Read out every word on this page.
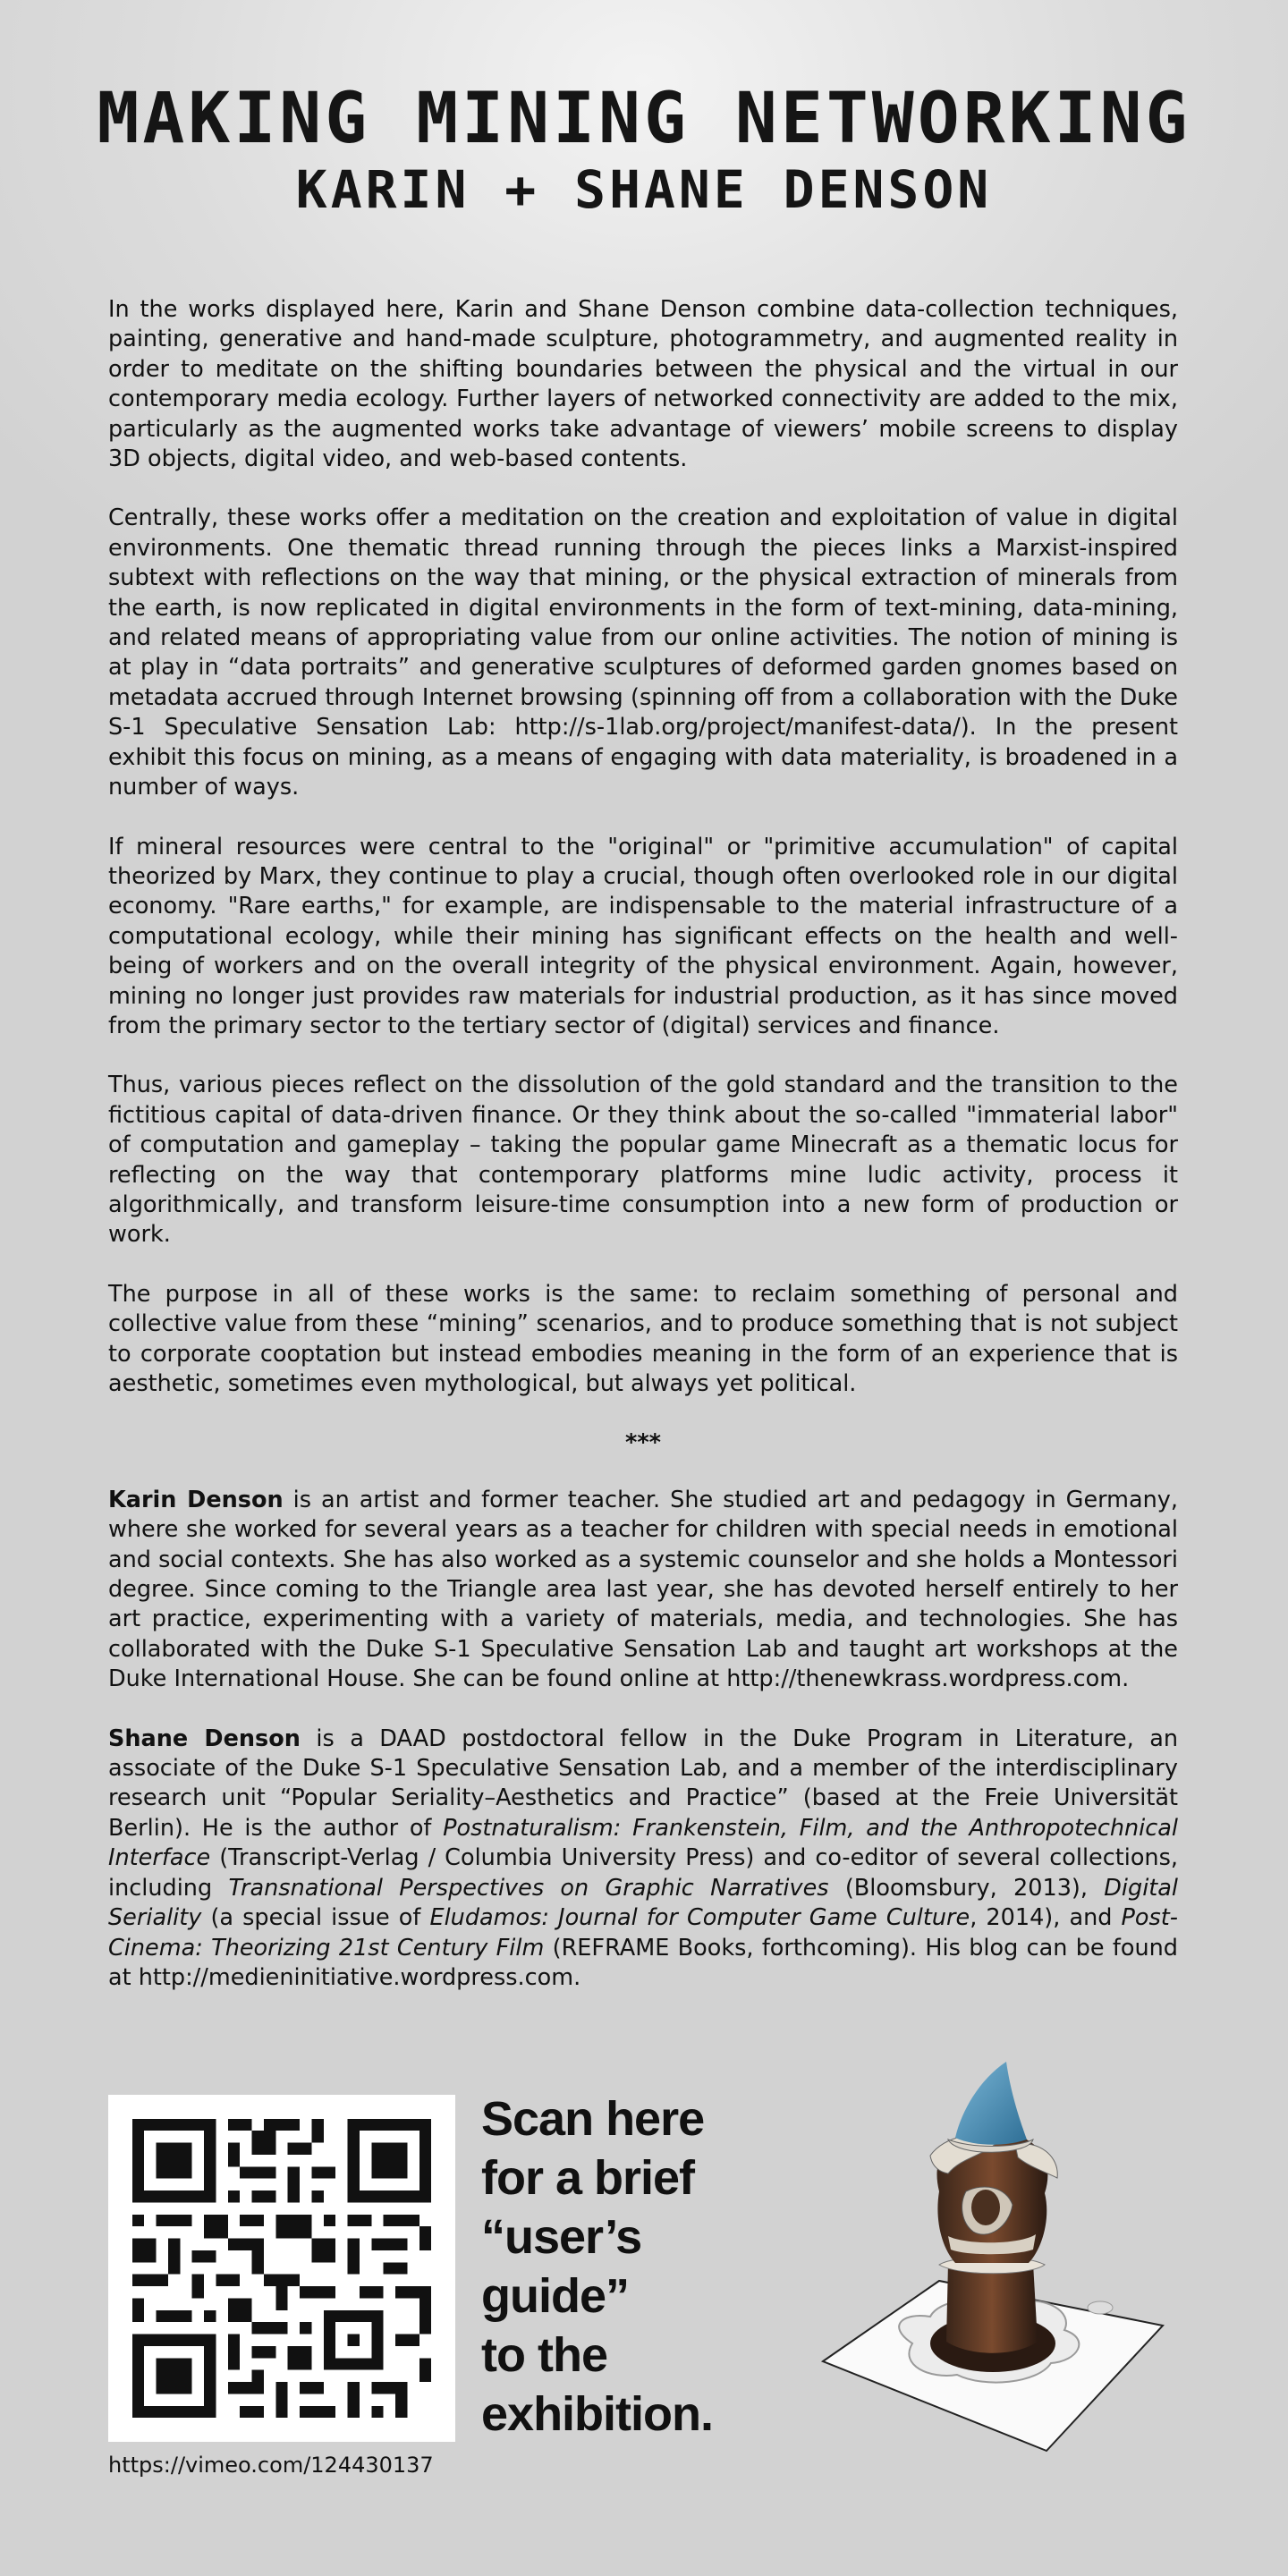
MAKING MINING NETWORKING
KARIN + SHANE DENSON

In the works displayed here, Karin and Shane Denson combine data-collection techniques, painting, generative and hand-made sculpture, photogrammetry, and augmented reality in order to meditate on the shifting boundaries between the physical and the virtual in our contemporary media ecology. Further layers of networked connectivity are added to the mix, particularly as the augmented works take advantage of viewers’ mobile screens to display 3D objects, digital video, and web-based contents.

Centrally, these works offer a meditation on the creation and exploitation of value in digital environments. One thematic thread running through the pieces links a Marxist-inspired subtext with reflections on the way that mining, or the physical extraction of minerals from the earth, is now replicated in digital environments in the form of text-mining, data-mining, and related means of appropriating value from our online activities. The notion of mining is at play in “data portraits” and generative sculptures of deformed garden gnomes based on metadata accrued through Internet browsing (spinning off from a collaboration with the Duke S-1 Speculative Sensation Lab: http://s-1lab.org/project/manifest-data/). In the present exhibit this focus on mining, as a means of engaging with data materiality, is broadened in a number of ways.

If mineral resources were central to the "original" or "primitive accumulation" of capital theorized by Marx, they continue to play a crucial, though often overlooked role in our digital economy. "Rare earths," for example, are indispensable to the material infrastructure of a computational ecology, while their mining has significant effects on the health and well-being of workers and on the overall integrity of the physical environment. Again, however, mining no longer just provides raw materials for industrial production, as it has since moved from the primary sector to the tertiary sector of (digital) services and finance.

Thus, various pieces reflect on the dissolution of the gold standard and the transition to the fictitious capital of data-driven finance. Or they think about the so-called "immaterial labor" of computation and gameplay – taking the popular game Minecraft as a thematic locus for reflecting on the way that contemporary platforms mine ludic activity, process it algorithmically, and transform leisure-time consumption into a new form of production or work.

The purpose in all of these works is the same: to reclaim something of personal and collective value from these “mining” scenarios, and to produce something that is not subject to corporate cooptation but instead embodies meaning in the form of an experience that is aesthetic, sometimes even mythological, but always yet political.

***

Karin Denson is an artist and former teacher. She studied art and pedagogy in Germany, where she worked for several years as a teacher for children with special needs in emotional and social contexts. She has also worked as a systemic counselor and she holds a Montessori degree. Since coming to the Triangle area last year, she has devoted herself entirely to her art practice, experimenting with a variety of materials, media, and technologies. She has collaborated with the Duke S-1 Speculative Sensation Lab and taught art workshops at the Duke International House. She can be found online at http://thenewkrass.wordpress.com.

Shane Denson is a DAAD postdoctoral fellow in the Duke Program in Literature, an associate of the Duke S-1 Speculative Sensation Lab, and a member of the interdisciplinary research unit “Popular Seriality–Aesthetics and Practice” (based at the Freie Universität Berlin). He is the author of Postnaturalism: Frankenstein, Film, and the Anthropotechnical Interface (Transcript-Verlag / Columbia University Press) and co-editor of several collections, including Transnational Perspectives on Graphic Narratives (Bloomsbury, 2013), Digital Seriality (a special issue of Eludamos: Journal for Computer Game Culture, 2014), and Post-Cinema: Theorizing 21st Century Film (REFRAME Books, forthcoming). His blog can be found at http://medieninitiative.wordpress.com.

https://vimeo.com/124430137

Scan here
for a brief
“user’s
guide”
to the
exhibition.
